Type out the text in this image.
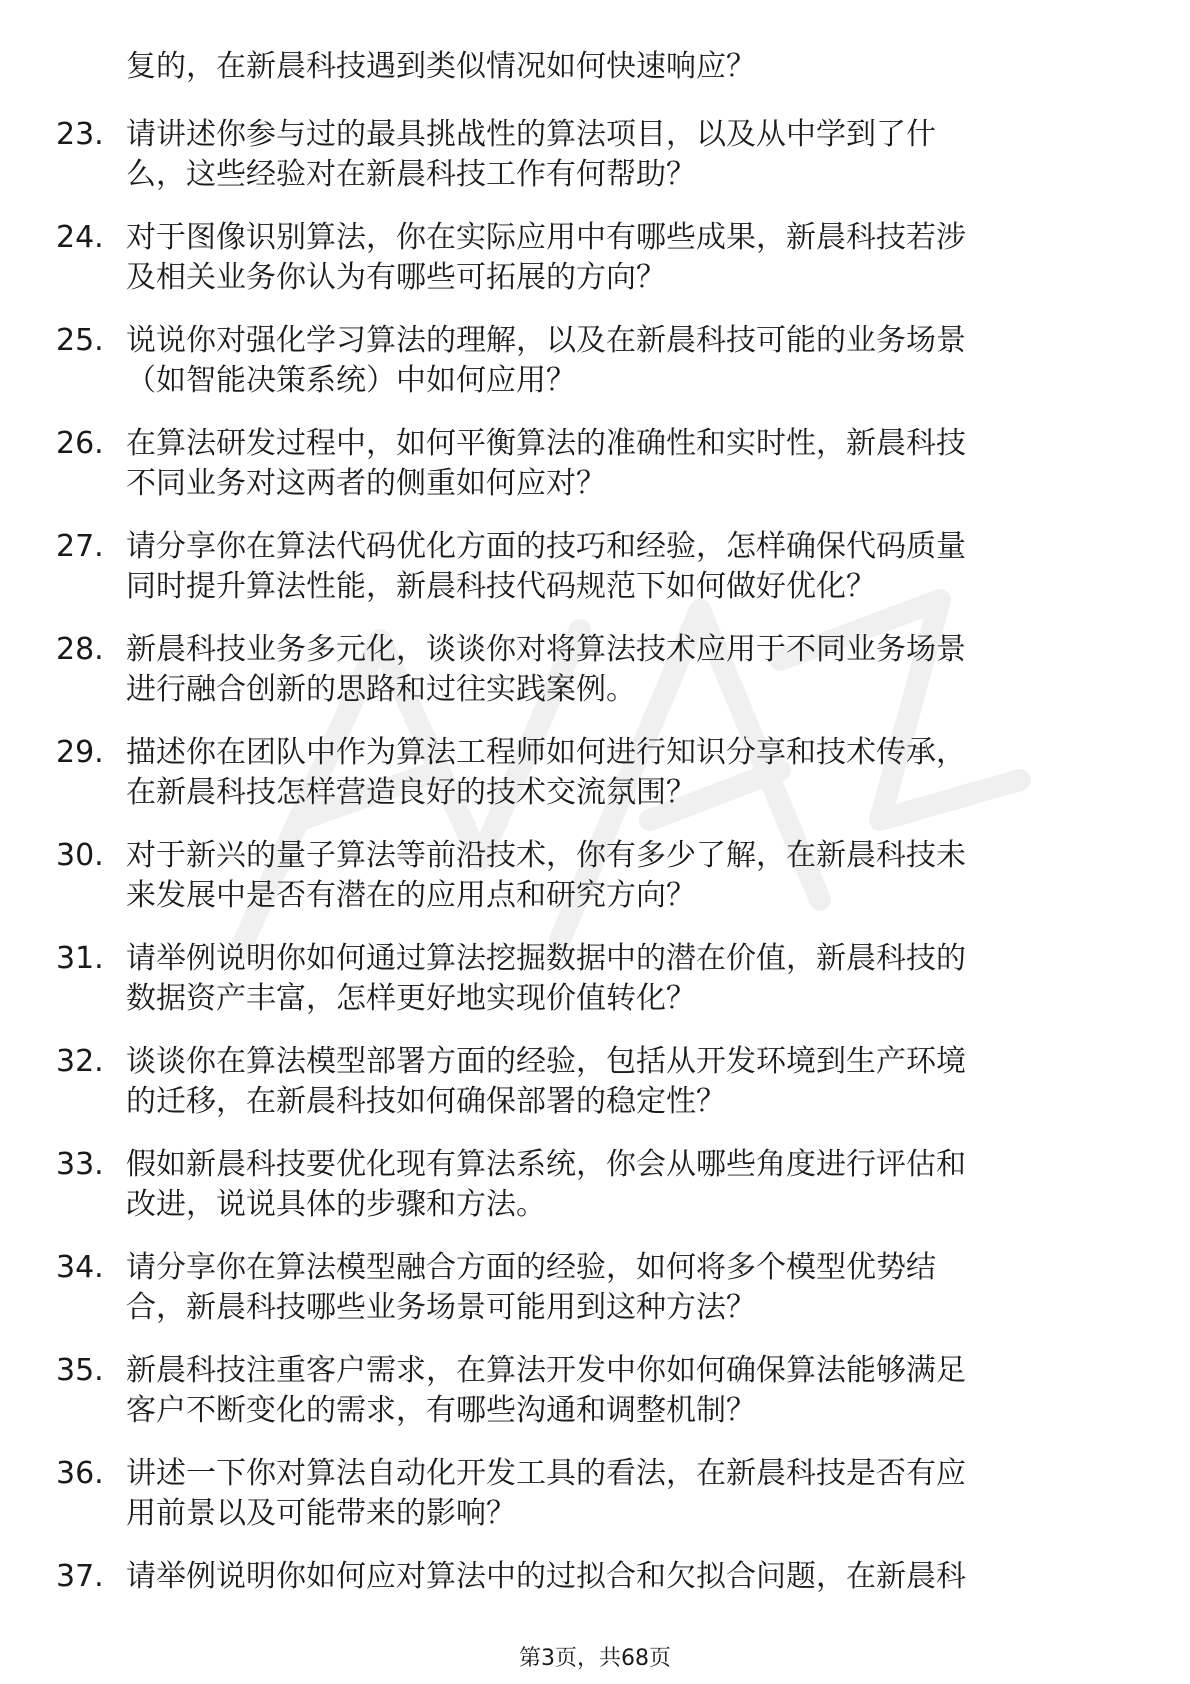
复的，在新晨科技遇到类似情况如何快速响应？
23. 请讲述你参与过的最具挑战性的算法项目，以及从中学到了什
么，这些经验对在新晨科技工作有何帮助？
24. 对于图像识别算法，你在实际应用中有哪些成果，新晨科技若涉
及相关业务你认为有哪些可拓展的方向？
25. 说说你对强化学习算法的理解，以及在新晨科技可能的业务场景
（如智能决策系统）中如何应用？
26. 在算法研发过程中，如何平衡算法的准确性和实时性，新晨科技
不同业务对这两者的侧重如何应对？
27. 请分享你在算法代码优化方面的技巧和经验，怎样确保代码质量
同时提升算法性能，新晨科技代码规范下如何做好优化？
28. 新晨科技业务多元化，谈谈你对将算法技术应用于不同业务场景
进行融合创新的思路和过往实践案例。
29. 描述你在团队中作为算法工程师如何进行知识分享和技术传承，
在新晨科技怎样营造良好的技术交流氛围？
30. 对于新兴的量子算法等前沿技术，你有多少了解，在新晨科技未
来发展中是否有潜在的应用点和研究方向？
31. 请举例说明你如何通过算法挖掘数据中的潜在价值，新晨科技的
数据资产丰富，怎样更好地实现价值转化？
32. 谈谈你在算法模型部署方面的经验，包括从开发环境到生产环境
的迁移，在新晨科技如何确保部署的稳定性？
33. 假如新晨科技要优化现有算法系统，你会从哪些角度进行评估和
改进，说说具体的步骤和方法。
34. 请分享你在算法模型融合方面的经验，如何将多个模型优势结
合，新晨科技哪些业务场景可能用到这种方法？
35. 新晨科技注重客户需求，在算法开发中你如何确保算法能够满足
客户不断变化的需求，有哪些沟通和调整机制？
36. 讲述一下你对算法自动化开发工具的看法，在新晨科技是否有应
用前景以及可能带来的影响？
37. 请举例说明你如何应对算法中的过拟合和欠拟合问题，在新晨科
第3页，共68页
